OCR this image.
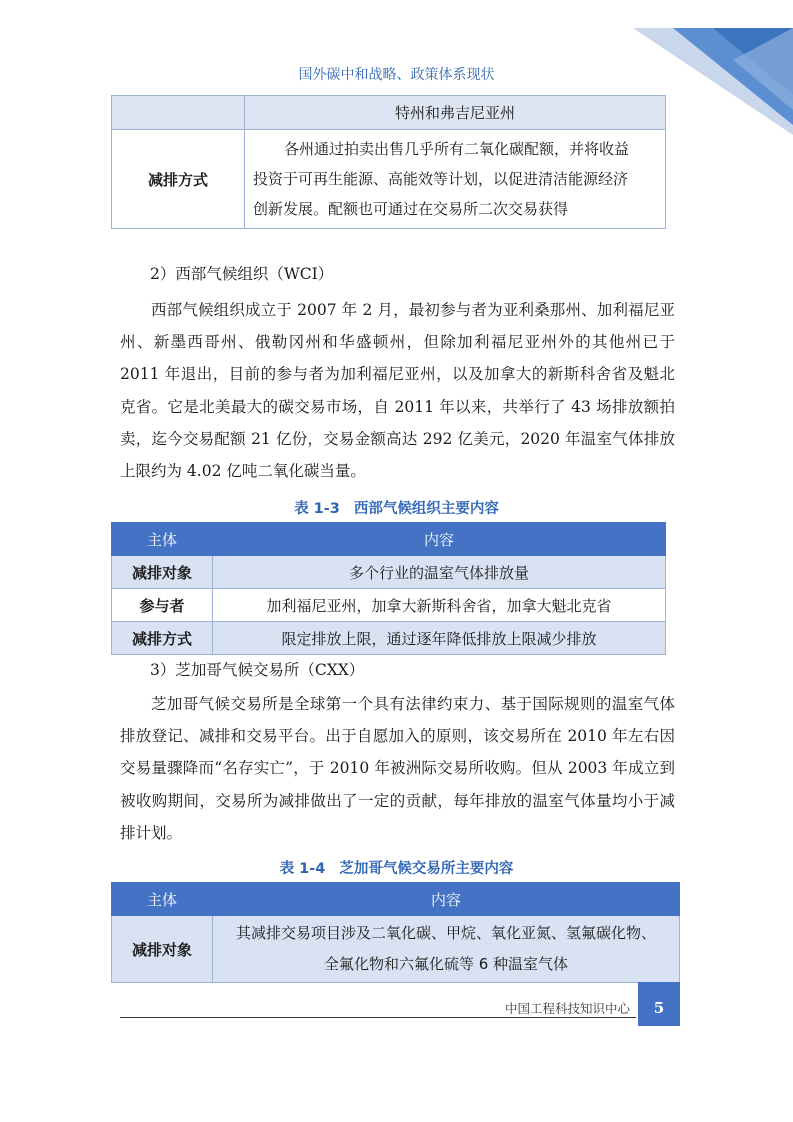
国外碳中和战略、政策体系现状
	特州和弗吉尼亚州
减排方式	各州通过拍卖出售几乎所有二氧化碳配额，并将收益
投资于可再生能源、高能效等计划，以促进清洁能源经济
创新发展。配额也可通过在交易所二次交易获得

2）西部气候组织（WCI）

西部气候组织成立于 2007 年 2 月，最初参与者为亚利桑那州、加利福尼亚州、新墨西哥州、俄勒冈州和华盛顿州，但除加利福尼亚州外的其他州已于 2011 年退出，目前的参与者为加利福尼亚州，以及加拿大的新斯科舍省及魁北克省。它是北美最大的碳交易市场，自 2011 年以来，共举行了 43 场排放额拍卖，迄今交易配额 21 亿份，交易金额高达 292 亿美元，2020 年温室气体排放上限约为 4.02 亿吨二氧化碳当量。

表 1-3 西部气候组织主要内容

主体	内容
减排对象	多个行业的温室气体排放量
参与者	加利福尼亚州，加拿大新斯科舍省，加拿大魁北克省
减排方式	限定排放上限，通过逐年降低排放上限减少排放

3）芝加哥气候交易所（CXX）

芝加哥气候交易所是全球第一个具有法律约束力、基于国际规则的温室气体排放登记、减排和交易平台。出于自愿加入的原则，该交易所在 2010 年左右因交易量骤降而“名存实亡”，于 2010 年被洲际交易所收购。但从 2003 年成立到被收购期间，交易所为减排做出了一定的贡献，每年排放的温室气体量均小于减排计划。

表 1-4 芝加哥气候交易所主要内容

主体	内容
减排对象	其减排交易项目涉及二氧化碳、甲烷、氧化亚氮、氢氟碳化物、
全氟化物和六氟化硫等 6 种温室气体
中国工程科技知识中心	5
